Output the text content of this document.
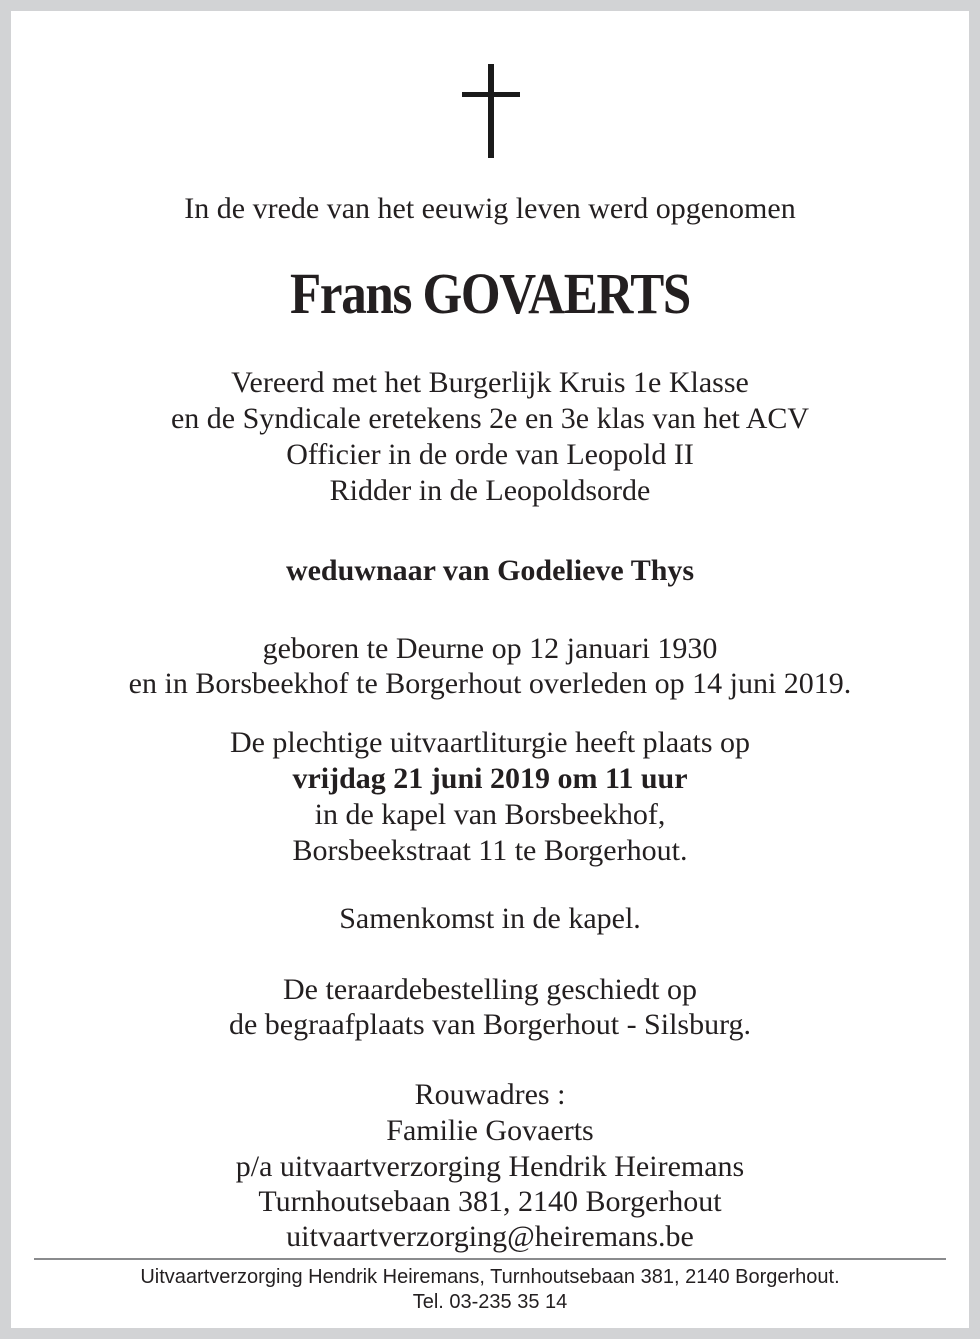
In de vrede van het eeuwig leven werd opgenomen
Frans GOVAERTS
Vereerd met het Burgerlijk Kruis 1e Klasse
en de Syndicale eretekens 2e en 3e klas van het ACV
Officier in de orde van Leopold II
Ridder in de Leopoldsorde
weduwnaar van Godelieve Thys
geboren te Deurne op 12 januari 1930
en in Borsbeekhof te Borgerhout overleden op 14 juni 2019.
De plechtige uitvaartliturgie heeft plaats op
vrijdag 21 juni 2019 om 11 uur
in de kapel van Borsbeekhof,
Borsbeekstraat 11 te Borgerhout.
Samenkomst in de kapel.
De teraardebestelling geschiedt op
de begraafplaats van Borgerhout - Silsburg.
Rouwadres :
Familie Govaerts
p/a uitvaartverzorging Hendrik Heiremans
Turnhoutsebaan 381, 2140 Borgerhout
uitvaartverzorging@heiremans.be
Uitvaartverzorging Hendrik Heiremans, Turnhoutsebaan 381, 2140 Borgerhout.
Tel. 03-235 35 14
